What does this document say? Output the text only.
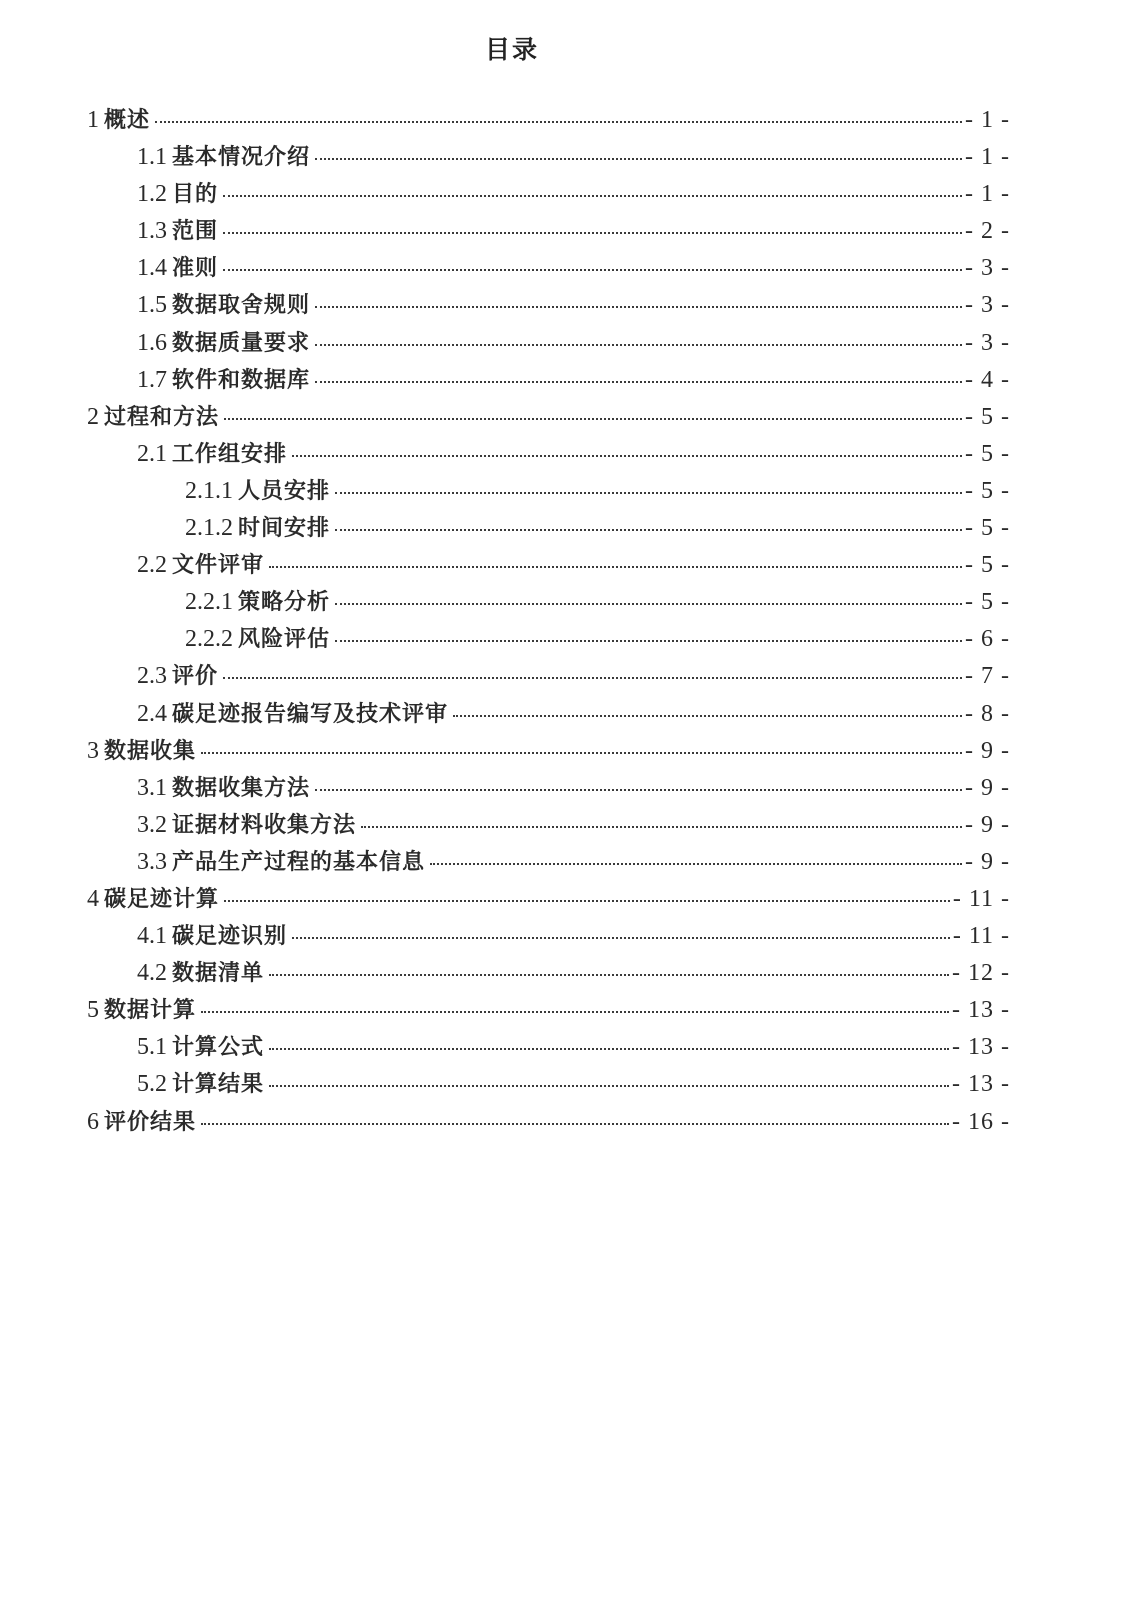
目录
1 概述	- 1 -
1.1 基本情况介绍	- 1 -
1.2 目的	- 1 -
1.3 范围	- 2 -
1.4 准则	- 3 -
1.5 数据取舍规则	- 3 -
1.6 数据质量要求	- 3 -
1.7 软件和数据库	- 4 -
2 过程和方法	- 5 -
2.1 工作组安排	- 5 -
2.1.1 人员安排	- 5 -
2.1.2 时间安排	- 5 -
2.2 文件评审	- 5 -
2.2.1 策略分析	- 5 -
2.2.2 风险评估	- 6 -
2.3 评价	- 7 -
2.4 碳足迹报告编写及技术评审	- 8 -
3 数据收集	- 9 -
3.1 数据收集方法	- 9 -
3.2 证据材料收集方法	- 9 -
3.3 产品生产过程的基本信息	- 9 -
4 碳足迹计算	- 11 -
4.1 碳足迹识别	- 11 -
4.2 数据清单	- 12 -
5 数据计算	- 13 -
5.1 计算公式	- 13 -
5.2 计算结果	- 13 -
6 评价结果	- 16 -
